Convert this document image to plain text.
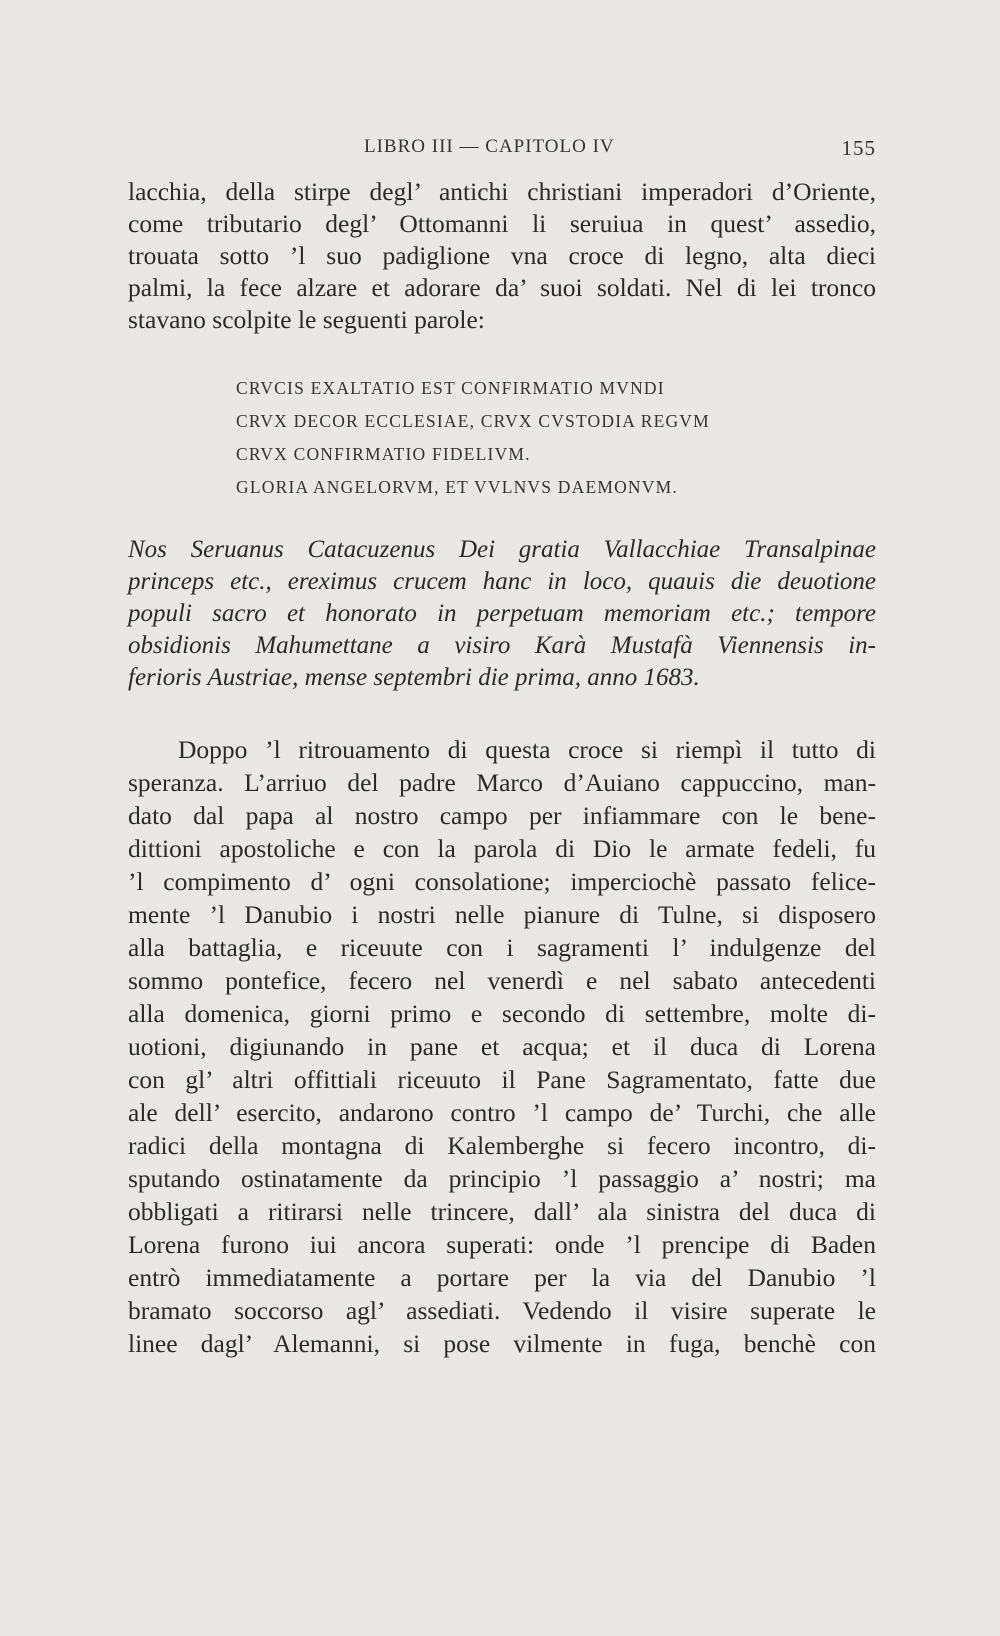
LIBRO III — CAPITOLO IV	155
lacchia, della stirpe degl’ antichi christiani imperadori d’Oriente,
come tributario degl’ Ottomanni li seruiua in quest’ assedio,
trouata sotto ’l suo padiglione vna croce di legno, alta dieci
palmi, la fece alzare et adorare da’ suoi soldati. Nel di lei tronco
stavano scolpite le seguenti parole:
CRVCIS EXALTATIO EST CONFIRMATIO MVNDI
CRVX DECOR ECCLESIAE, CRVX CVSTODIA REGVM
CRVX CONFIRMATIO FIDELIVM.
GLORIA ANGELORVM, ET VVLNVS DAEMONVM.
Nos Seruanus Catacuzenus Dei gratia Vallacchiae Transalpinae
princeps etc., ereximus crucem hanc in loco, quauis die deuotione
populi sacro et honorato in perpetuam memoriam etc.; tempore
obsidionis Mahumettane a visiro Karà Mustafà Viennensis in-
ferioris Austriae, mense septembri die prima, anno 1683.
Doppo ’l ritrouamento di questa croce si riempì il tutto di
speranza. L’arriuo del padre Marco d’Auiano cappuccino, man-
dato dal papa al nostro campo per infiammare con le bene-
dittioni apostoliche e con la parola di Dio le armate fedeli, fu
’l compimento d’ ogni consolatione; imperciochè passato felice-
mente ’l Danubio i nostri nelle pianure di Tulne, si disposero
alla battaglia, e riceuute con i sagramenti l’ indulgenze del
sommo pontefice, fecero nel venerdì e nel sabato antecedenti
alla domenica, giorni primo e secondo di settembre, molte di-
uotioni, digiunando in pane et acqua; et il duca di Lorena
con gl’ altri offittiali riceuuto il Pane Sagramentato, fatte due
ale dell’ esercito, andarono contro ’l campo de’ Turchi, che alle
radici della montagna di Kalemberghe si fecero incontro, di-
sputando ostinatamente da principio ’l passaggio a’ nostri; ma
obbligati a ritirarsi nelle trincere, dall’ ala sinistra del duca di
Lorena furono iui ancora superati: onde ’l prencipe di Baden
entrò immediatamente a portare per la via del Danubio ’l
bramato soccorso agl’ assediati. Vedendo il visire superate le
linee dagl’ Alemanni, si pose vilmente in fuga, benchè con
